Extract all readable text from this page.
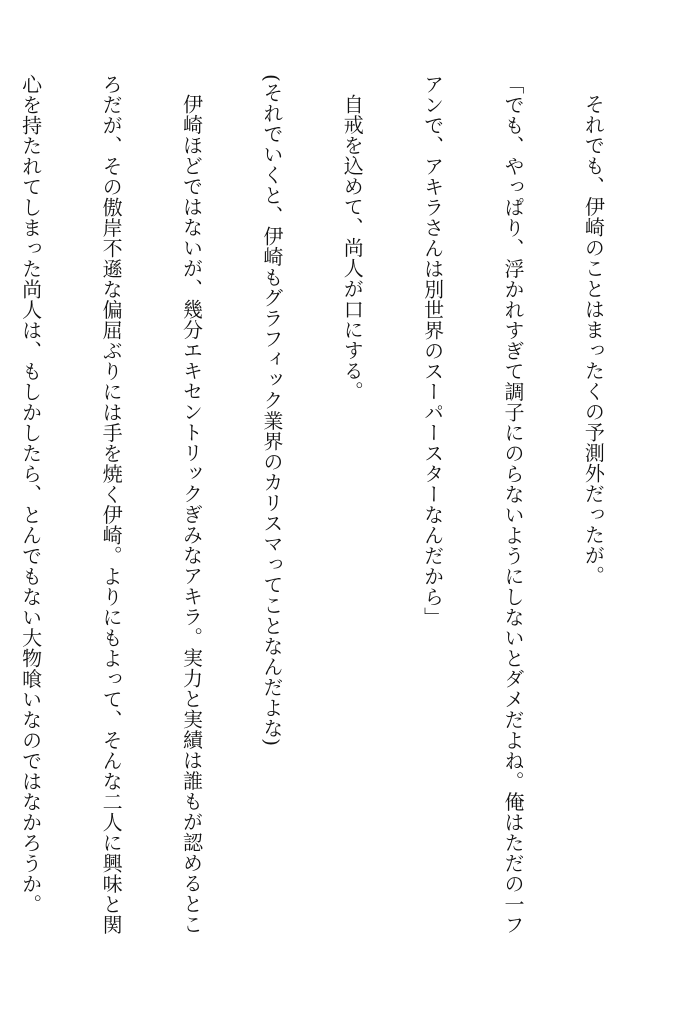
それでも、伊崎のことはまったくの予測外だったが。

「でも、やっぱり、浮かれすぎて調子にのらないようにしないとダメだよね。俺はただの一フ

アンで、アキラさんは別世界のスーパースターなんだから」

自戒を込めて、尚人が口にする。

(それでいくと、伊崎もグラフィック業界のカリスマってことなんだよな)

伊崎ほどではないが、幾分エキセントリックぎみなアキラ。実力と実績は誰もが認めるとこ

ろだが、その傲岸不遜な偏屈ぶりには手を焼く伊崎。よりにもよって、そんな二人に興味と関

心を持たれてしまった尚人は、もしかしたら、とんでもない大物喰いなのではなかろうか。
